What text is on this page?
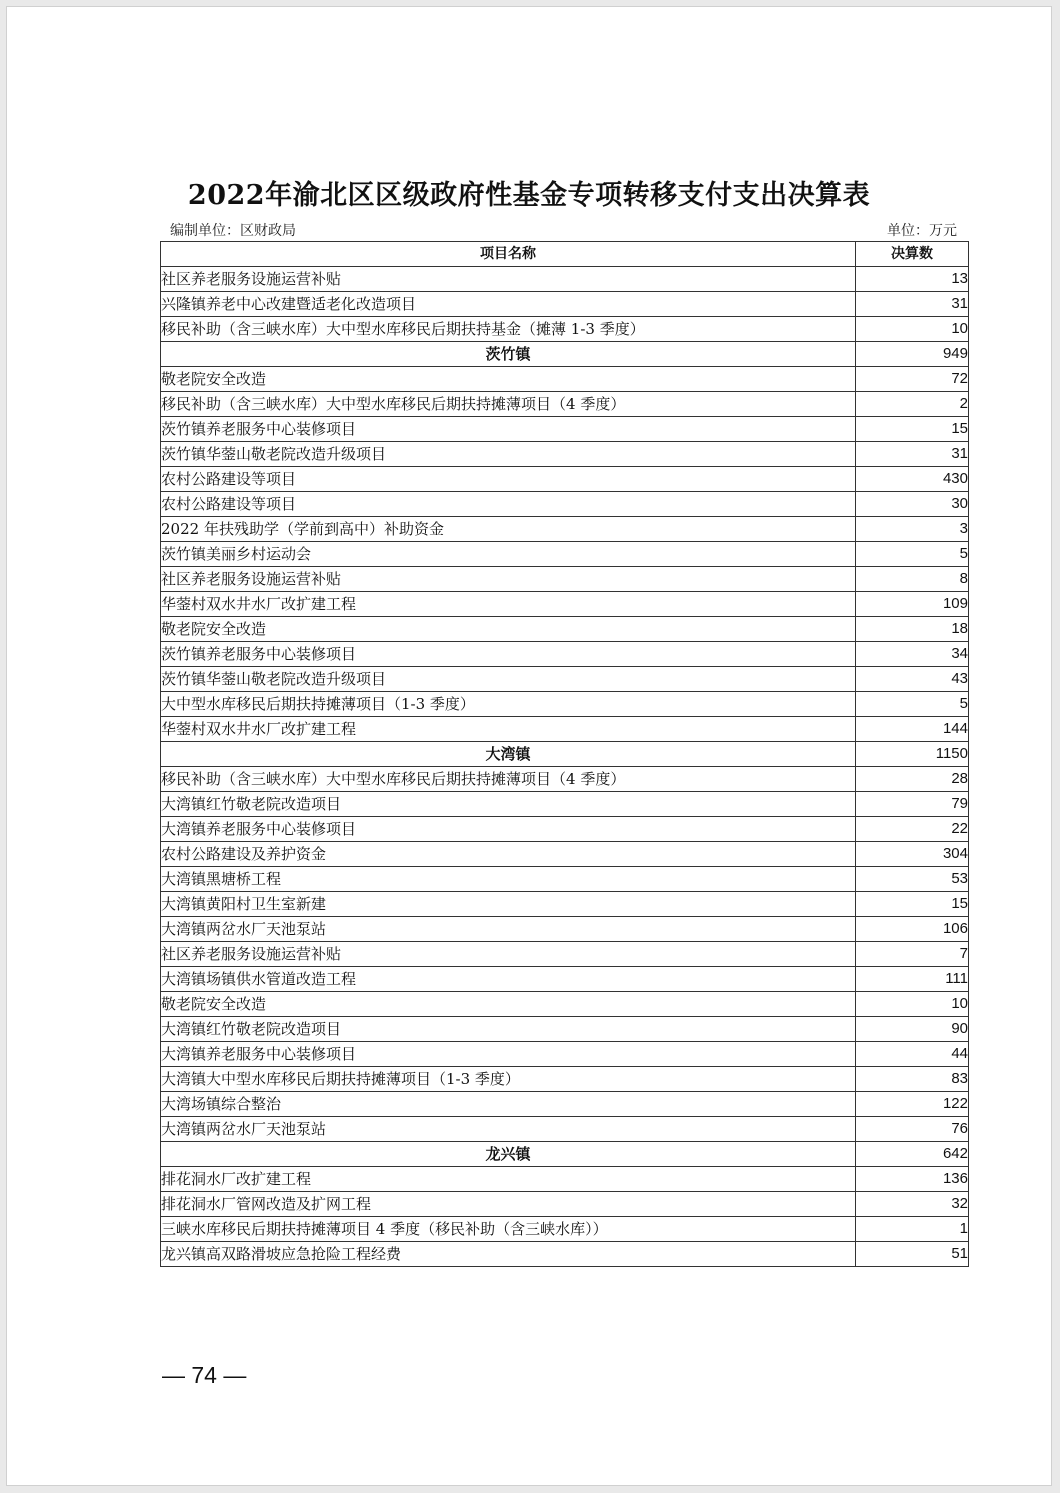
2022年渝北区区级政府性基金专项转移支付支出决算表
编制单位：区财政局	单位：万元
项目名称	决算数
社区养老服务设施运营补贴	13
兴隆镇养老中心改建暨适老化改造项目	31
移民补助（含三峡水库）大中型水库移民后期扶持基金（摊薄 1-3 季度）	10
茨竹镇	949
敬老院安全改造	72
移民补助（含三峡水库）大中型水库移民后期扶持摊薄项目（4 季度）	2
茨竹镇养老服务中心装修项目	15
茨竹镇华蓥山敬老院改造升级项目	31
农村公路建设等项目	430
农村公路建设等项目	30
2022 年扶残助学（学前到高中）补助资金	3
茨竹镇美丽乡村运动会	5
社区养老服务设施运营补贴	8
华蓥村双水井水厂改扩建工程	109
敬老院安全改造	18
茨竹镇养老服务中心装修项目	34
茨竹镇华蓥山敬老院改造升级项目	43
大中型水库移民后期扶持摊薄项目（1-3 季度）	5
华蓥村双水井水厂改扩建工程	144
大湾镇	1150
移民补助（含三峡水库）大中型水库移民后期扶持摊薄项目（4 季度）	28
大湾镇红竹敬老院改造项目	79
大湾镇养老服务中心装修项目	22
农村公路建设及养护资金	304
大湾镇黑塘桥工程	53
大湾镇黄阳村卫生室新建	15
大湾镇两岔水厂天池泵站	106
社区养老服务设施运营补贴	7
大湾镇场镇供水管道改造工程	111
敬老院安全改造	10
大湾镇红竹敬老院改造项目	90
大湾镇养老服务中心装修项目	44
大湾镇大中型水库移民后期扶持摊薄项目（1-3 季度）	83
大湾场镇综合整治	122
大湾镇两岔水厂天池泵站	76
龙兴镇	642
排花洞水厂改扩建工程	136
排花洞水厂管网改造及扩网工程	32
三峡水库移民后期扶持摊薄项目 4 季度（移民补助（含三峡水库））	1
龙兴镇高双路滑坡应急抢险工程经费	51
— 74 —
